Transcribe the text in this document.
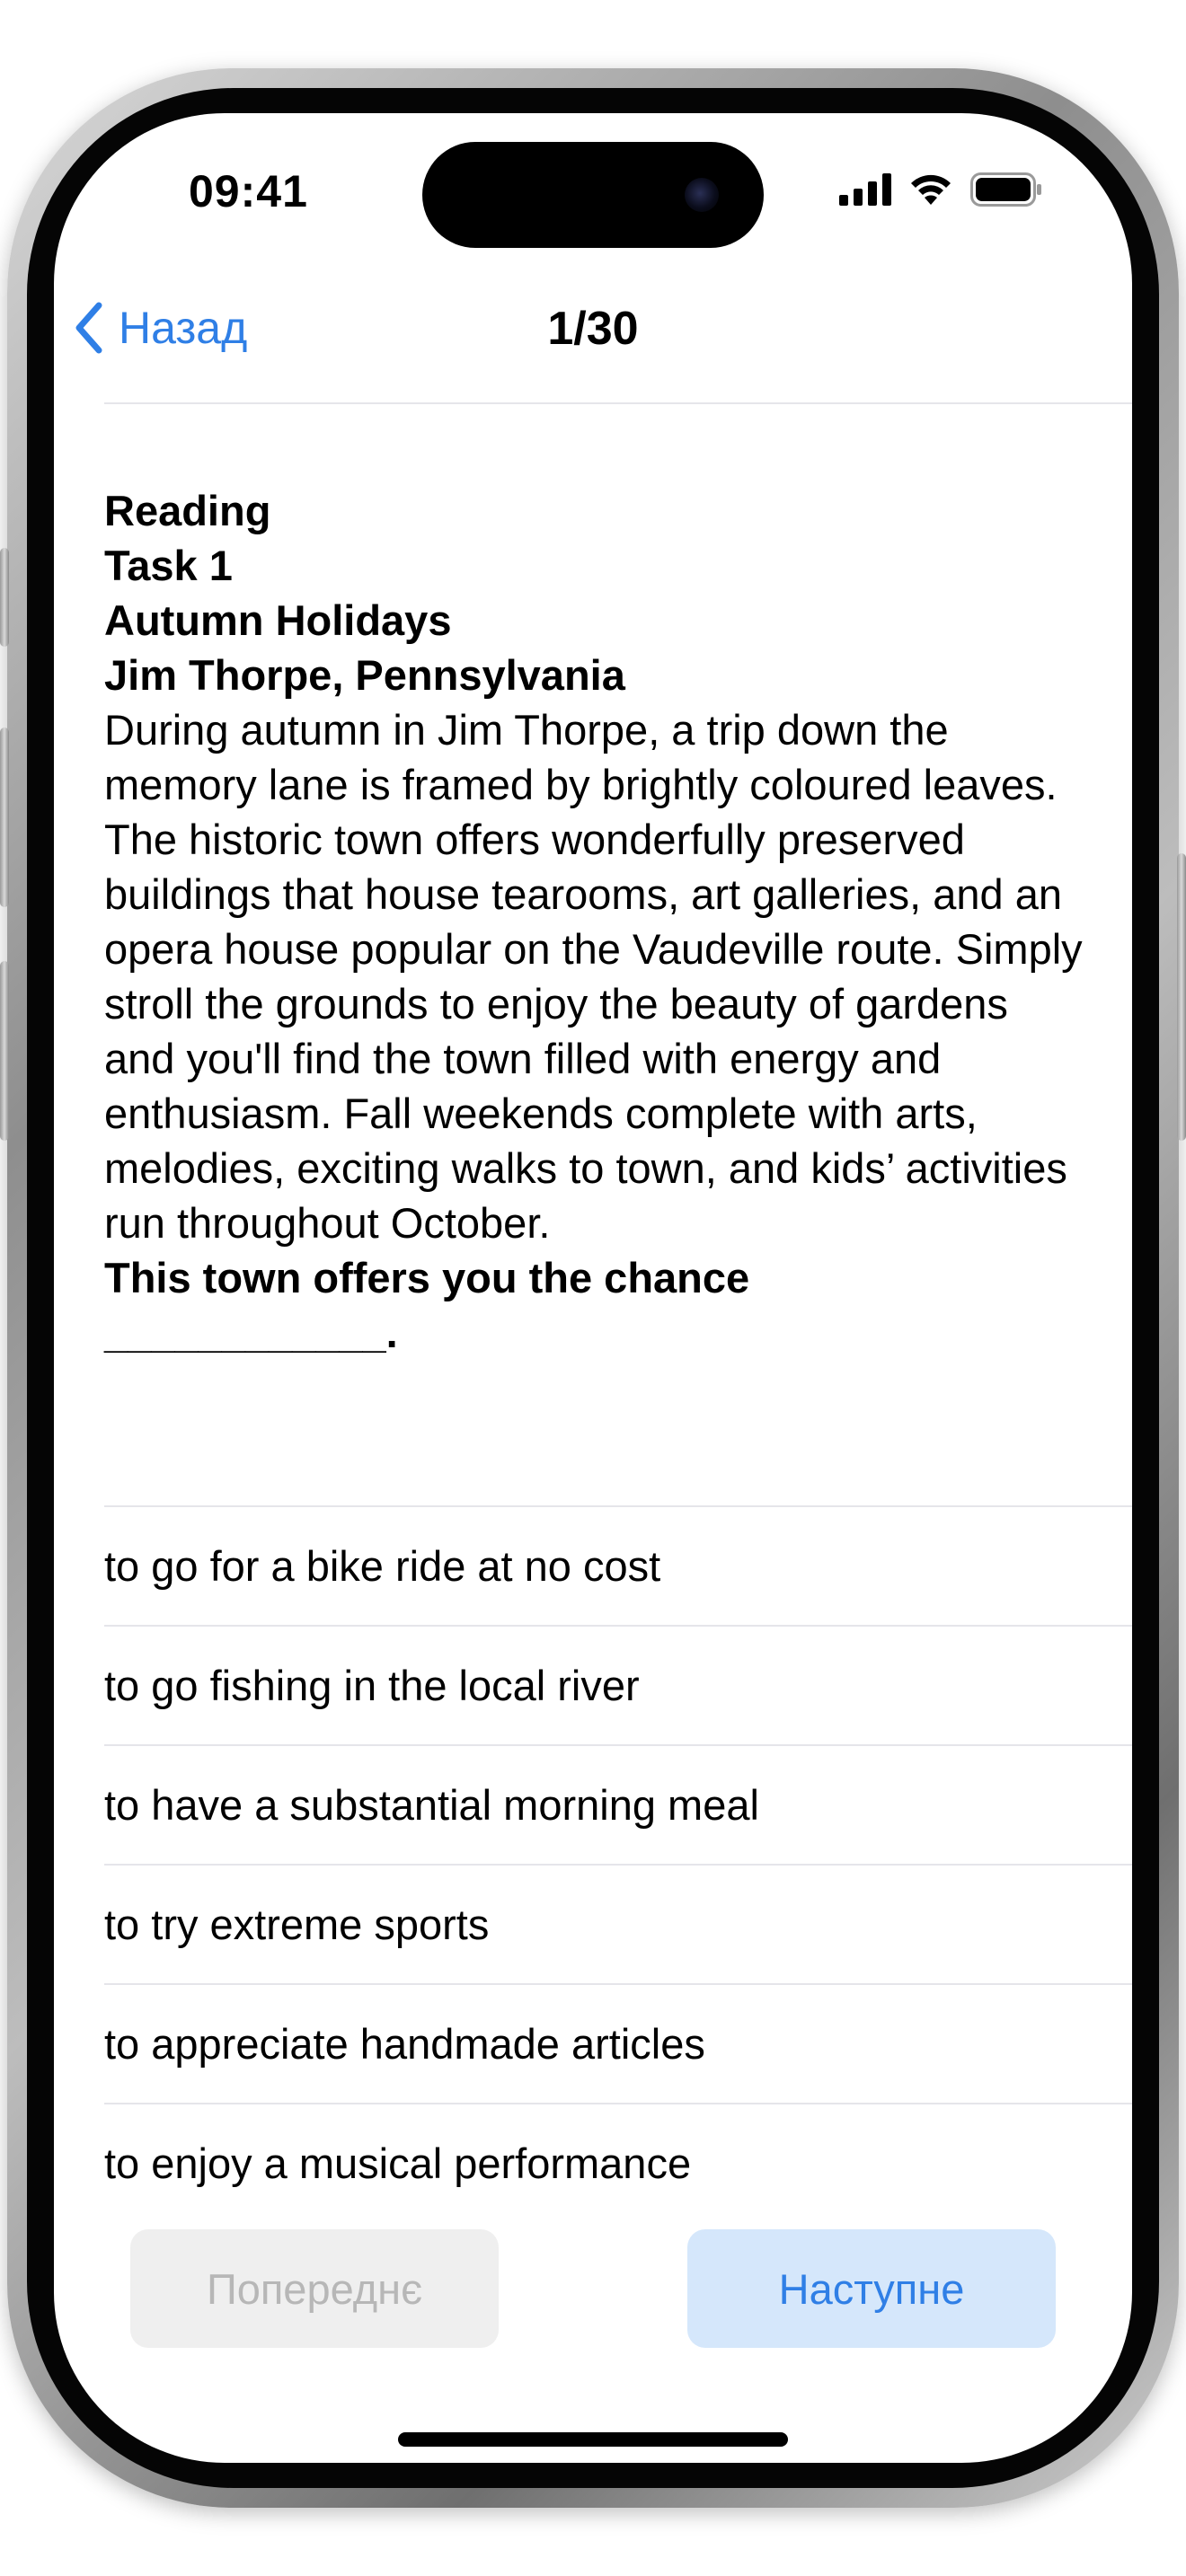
09:41
Назад	1/30

Reading

Task 1

Autumn Holidays

Jim Thorpe, Pennsylvania

During autumn in Jim Thorpe, a trip down the memory lane is framed by brightly coloured leaves. The historic town offers wonderfully preserved buildings that house tearooms, art galleries, and an opera house popular on the Vaudeville route. Simply stroll the grounds to enjoy the beauty of gardens and you'll find the town filled with energy and enthusiasm. Fall weekends complete with arts, melodies, exciting walks to town, and kids’ activities run throughout October.

This town offers you the chance

____________.

to go for a bike ride at no cost
to go fishing in the local river
to have a substantial morning meal
to try extreme sports
to appreciate handmade articles
to enjoy a musical performance
Попереднє	Наступне
